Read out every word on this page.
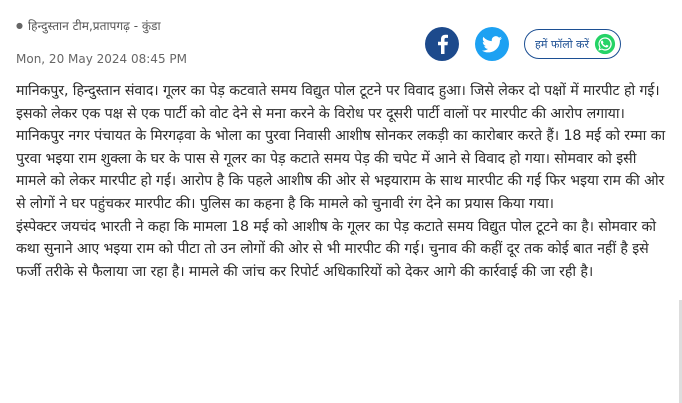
● हिन्दुस्तान टीम,प्रतापगढ़ - कुंडा
Mon, 20 May 2024 08:45 PM
हमें फॉलो करें

मानिकपुर, हिन्दुस्तान संवाद। गूलर का पेड़ कटवाते समय विद्युत पोल टूटने पर विवाद हुआ। जिसे लेकर दो पक्षों में मारपीट हो गई। इसको लेकर एक पक्ष से एक पार्टी को वोट देने से मना करने के विरोध पर दूसरी पार्टी वालों पर मारपीट की आरोप लगाया।

मानिकपुर नगर पंचायत के मिरगढ़वा के भोला का पुरवा निवासी आशीष सोनकर लकड़ी का कारोबार करते हैं। 18 मई को रम्मा का पुरवा भइया राम शुक्ला के घर के पास से गूलर का पेड़ कटाते समय पेड़ की चपेट में आने से विवाद हो गया। सोमवार को इसी मामले को लेकर मारपीट हो गई। आरोप है कि पहले आशीष की ओर से भइयाराम के साथ मारपीट की गई फिर भइया राम की ओर से लोगों ने घर पहुंचकर मारपीट की। पुलिस का कहना है कि मामले को चुनावी रंग देने का प्रयास किया गया।

इंस्पेक्टर जयचंद भारती ने कहा कि मामला 18 मई को आशीष के गूलर का पेड़ कटाते समय विद्युत पोल टूटने का है। सोमवार को कथा सुनाने आए भइया राम को पीटा तो उन लोगों की ओर से भी मारपीट की गई। चुनाव की कहीं दूर तक कोई बात नहीं है इसे फर्जी तरीके से फैलाया जा रहा है। मामले की जांच कर रिपोर्ट अधिकारियों को देकर आगे की कार्रवाई की जा रही है।
